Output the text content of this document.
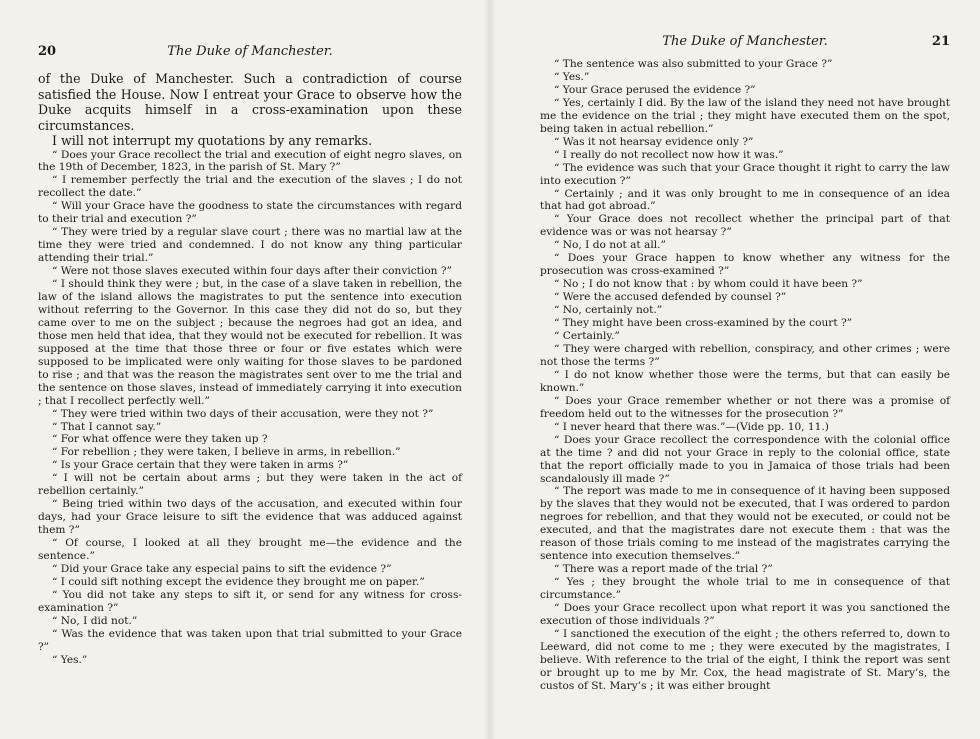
20	The Duke of Manchester.

of the Duke of Manchester. Such a contradiction of course satisfied the House. Now I entreat your Grace to observe how the Duke acquits himself in a cross-examination upon these circumstances.

I will not interrupt my quotations by any remarks.

“ Does your Grace recollect the trial and execution of eight negro slaves, on the 19th of December, 1823, in the parish of St. Mary ?”

“ I remember perfectly the trial and the execution of the slaves ; I do not recollect the date.”

“ Will your Grace have the goodness to state the circumstances with regard to their trial and execution ?”

“ They were tried by a regular slave court ; there was no martial law at the time they were tried and condemned. I do not know any thing particular attending their trial.”

“ Were not those slaves executed within four days after their conviction ?”

“ I should think they were ; but, in the case of a slave taken in rebellion, the law of the island allows the magistrates to put the sentence into execution without referring to the Governor. In this case they did not do so, but they came over to me on the subject ; because the negroes had got an idea, and those men held that idea, that they would not be executed for rebellion. It was supposed at the time that those three or four or five estates which were supposed to be implicated were only waiting for those slaves to be pardoned to rise ; and that was the reason the magistrates sent over to me the trial and the sentence on those slaves, instead of immediately carrying it into execution ; that I recollect perfectly well.”

“ They were tried within two days of their accusation, were they not ?”

“ That I cannot say.”

“ For what offence were they taken up ?

“ For rebellion ; they were taken, I believe in arms, in rebellion.”

“ Is your Grace certain that they were taken in arms ?”

“ I will not be certain about arms ; but they were taken in the act of rebellion certainly.”

“ Being tried within two days of the accusation, and executed within four days, had your Grace leisure to sift the evidence that was adduced against them ?”

“ Of course, I looked at all they brought me—the evidence and the sentence.”

“ Did your Grace take any especial pains to sift the evidence ?”

“ I could sift nothing except the evidence they brought me on paper.”

“ You did not take any steps to sift it, or send for any witness for cross-examination ?”

“ No, I did not.”

“ Was the evidence that was taken upon that trial submitted to your Grace ?”

“ Yes.”

The Duke of Manchester.	21

“ The sentence was also submitted to your Grace ?”

“ Yes.”

“ Your Grace perused the evidence ?”

“ Yes, certainly I did. By the law of the island they need not have brought me the evidence on the trial ; they might have executed them on the spot, being taken in actual rebellion.”

“ Was it not hearsay evidence only ?”

“ I really do not recollect now how it was.”

“ The evidence was such that your Grace thought it right to carry the law into execution ?”

“ Certainly ; and it was only brought to me in consequence of an idea that had got abroad.”

“ Your Grace does not recollect whether the principal part of that evidence was or was not hearsay ?”

“ No, I do not at all.”

“ Does your Grace happen to know whether any witness for the prosecution was cross-examined ?”

“ No ; I do not know that : by whom could it have been ?”

“ Were the accused defended by counsel ?”

“ No, certainly not.”

“ They might have been cross-examined by the court ?”

“ Certainly.”

“ They were charged with rebellion, conspiracy, and other crimes ; were not those the terms ?”

“ I do not know whether those were the terms, but that can easily be known.”

“ Does your Grace remember whether or not there was a promise of freedom held out to the witnesses for the prosecution ?”

“ I never heard that there was.”—(Vide pp. 10, 11.)

“ Does your Grace recollect the correspondence with the colonial office at the time ? and did not your Grace in reply to the colonial office, state that the report officially made to you in Jamaica of those trials had been scandalously ill made ?”

“ The report was made to me in consequence of it having been supposed by the slaves that they would not be executed, that I was ordered to pardon negroes for rebellion, and that they would not be executed, or could not be executed, and that the magistrates dare not execute them : that was the reason of those trials coming to me instead of the magistrates carrying the sentence into execution themselves.”

“ There was a report made of the trial ?”

“ Yes ; they brought the whole trial to me in consequence of that circumstance.”

“ Does your Grace recollect upon what report it was you sanctioned the execution of those individuals ?”

“ I sanctioned the execution of the eight ; the others referred to, down to Leeward, did not come to me ; they were executed by the magistrates, I believe. With reference to the trial of the eight, I think the report was sent or brought up to me by Mr. Cox, the head magistrate of St. Mary’s, the custos of St. Mary’s ; it was either brought
